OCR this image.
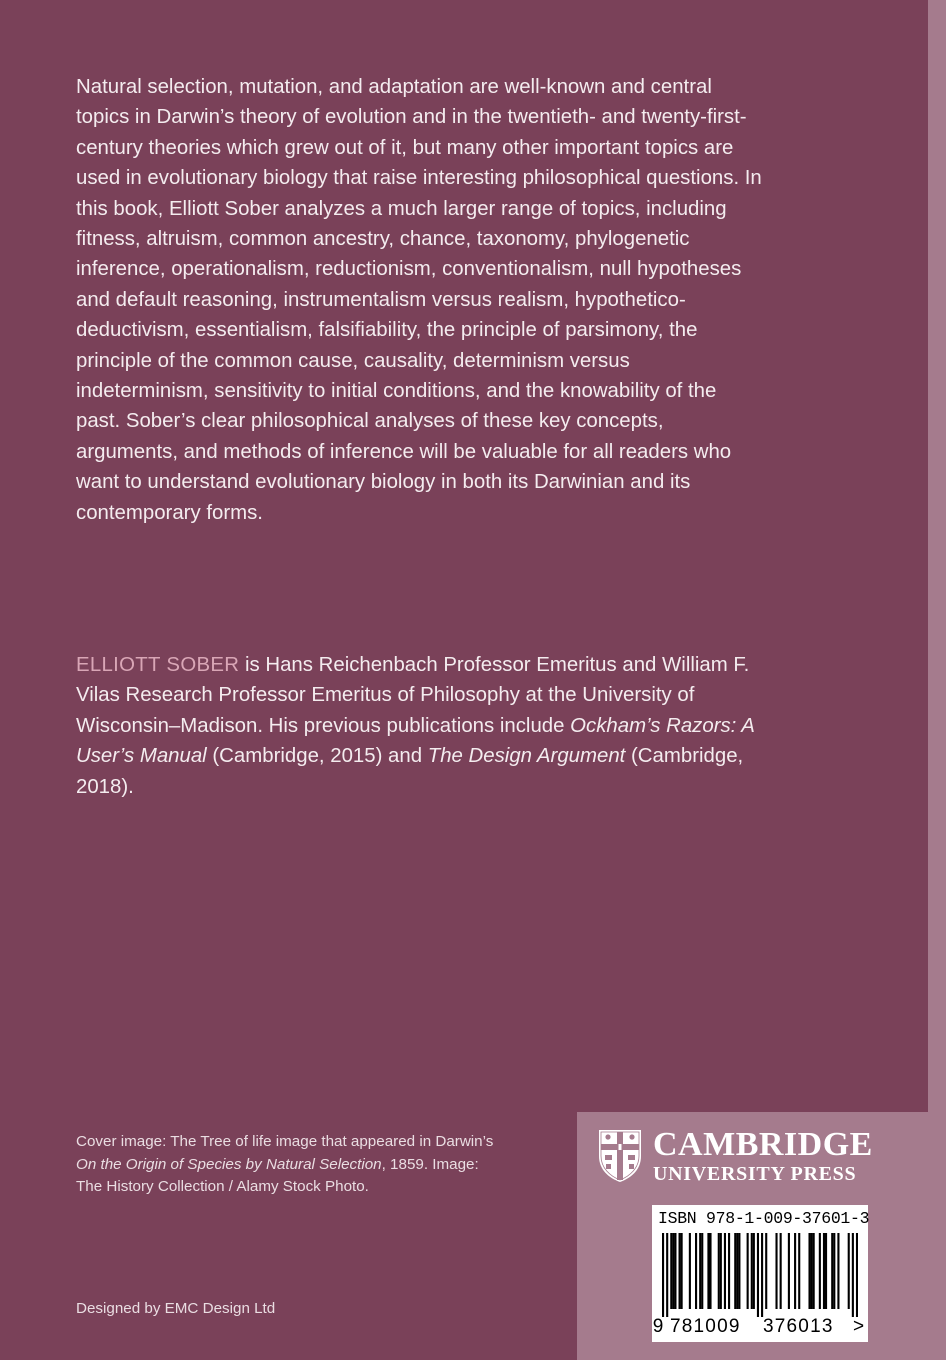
Natural selection, mutation, and adaptation are well-known and central topics in Darwin’s theory of evolution and in the twentieth- and twenty-first-century theories which grew out of it, but many other important topics are used in evolutionary biology that raise interesting philosophical questions. In this book, Elliott Sober analyzes a much larger range of topics, including fitness, altruism, common ancestry, chance, taxonomy, phylogenetic inference, operationalism, reductionism, conventionalism, null hypotheses and default reasoning, instrumentalism versus realism, hypothetico-deductivism, essentialism, falsifiability, the principle of parsimony, the principle of the common cause, causality, determinism versus indeterminism, sensitivity to initial conditions, and the knowability of the past. Sober’s clear philosophical analyses of these key concepts, arguments, and methods of inference will be valuable for all readers who want to understand evolutionary biology in both its Darwinian and its contemporary forms.

ELLIOTT SOBER is Hans Reichenbach Professor Emeritus and William F. Vilas Research Professor Emeritus of Philosophy at the University of Wisconsin–Madison. His previous publications include Ockham’s Razors: A User’s Manual (Cambridge, 2015) and The Design Argument (Cambridge, 2018).

Cover image: The Tree of life image that appeared in Darwin’s On the Origin of Species by Natural Selection, 1859. Image: The History Collection / Alamy Stock Photo.

Designed by EMC Design Ltd

CAMBRIDGE
UNIVERSITY PRESS
ISBN 978-1-009-37601-3
9 781009 376013 >
